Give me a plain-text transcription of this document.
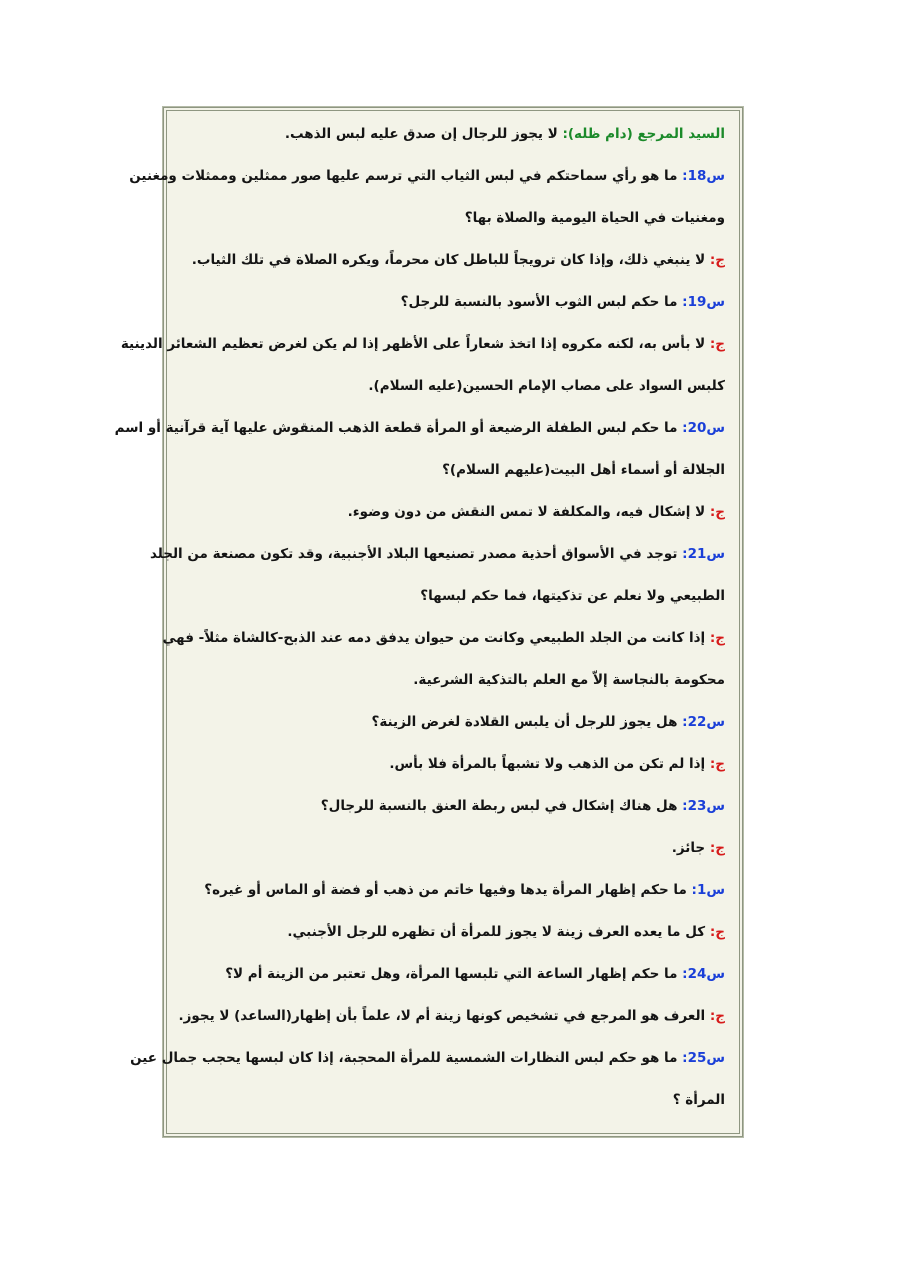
السيد المرجع (دام ظله): لا يجوز للرجال إن صدق عليه لبس الذهب.
س18: ما هو رأي سماحتكم في لبس الثياب التي ترسم عليها صور ممثلين وممثلات ومغنين
ومغنيات في الحياة اليومية والصلاة بها؟
ج: لا ينبغي ذلك، وإذا كان ترويجاً للباطل كان محرماً، ويكره الصلاة في تلك الثياب.
س19: ما حكم لبس الثوب الأسود بالنسبة للرجل؟
ج: لا بأس به، لكنه مكروه إذا اتخذ شعاراً على الأظهر إذا لم يكن لغرض تعظيم الشعائر الدينية
كلبس السواد على مصاب الإمام الحسين(عليه السلام).
س20: ما حكم لبس الطفلة الرضيعة أو المرأة قطعة الذهب المنقوش عليها آية قرآنية أو اسم
الجلالة أو أسماء أهل البيت(عليهم السلام)؟
ج: لا إشكال فيه، والمكلفة لا تمس النقش من دون وضوء.
س21: توجد في الأسواق أحذية مصدر تصنيعها البلاد الأجنبية، وقد تكون مصنعة من الجلد
الطبيعي ولا نعلم عن تذكيتها، فما حكم لبسها؟
ج: إذا كانت من الجلد الطبيعي وكانت من حيوان يدفق دمه عند الذبح-كالشاة مثلاً- فهي
محكومة بالنجاسة إلاّ مع العلم بالتذكية الشرعية.
س22: هل يجوز للرجل أن يلبس القلادة لغرض الزينة؟
ج: إذا لم تكن من الذهب ولا تشبهاً بالمرأة فلا بأس.
س23: هل هناك إشكال في لبس ربطة العنق بالنسبة للرجال؟
ج: جائز.
س1: ما حكم إظهار المرأة يدها وفيها خاتم من ذهب أو فضة أو الماس أو غيره؟
ج: كل ما يعده العرف زينة لا يجوز للمرأة أن تظهره للرجل الأجنبي.
س24: ما حكم إظهار الساعة التي تلبسها المرأة، وهل تعتبر من الزينة أم لا؟
ج: العرف هو المرجع في تشخيص كونها زينة أم لا، علماً بأن إظهار(الساعد) لا يجوز.
س25: ما هو حكم لبس النظارات الشمسية للمرأة المحجبة، إذا كان لبسها يحجب جمال عين
المرأة ؟
